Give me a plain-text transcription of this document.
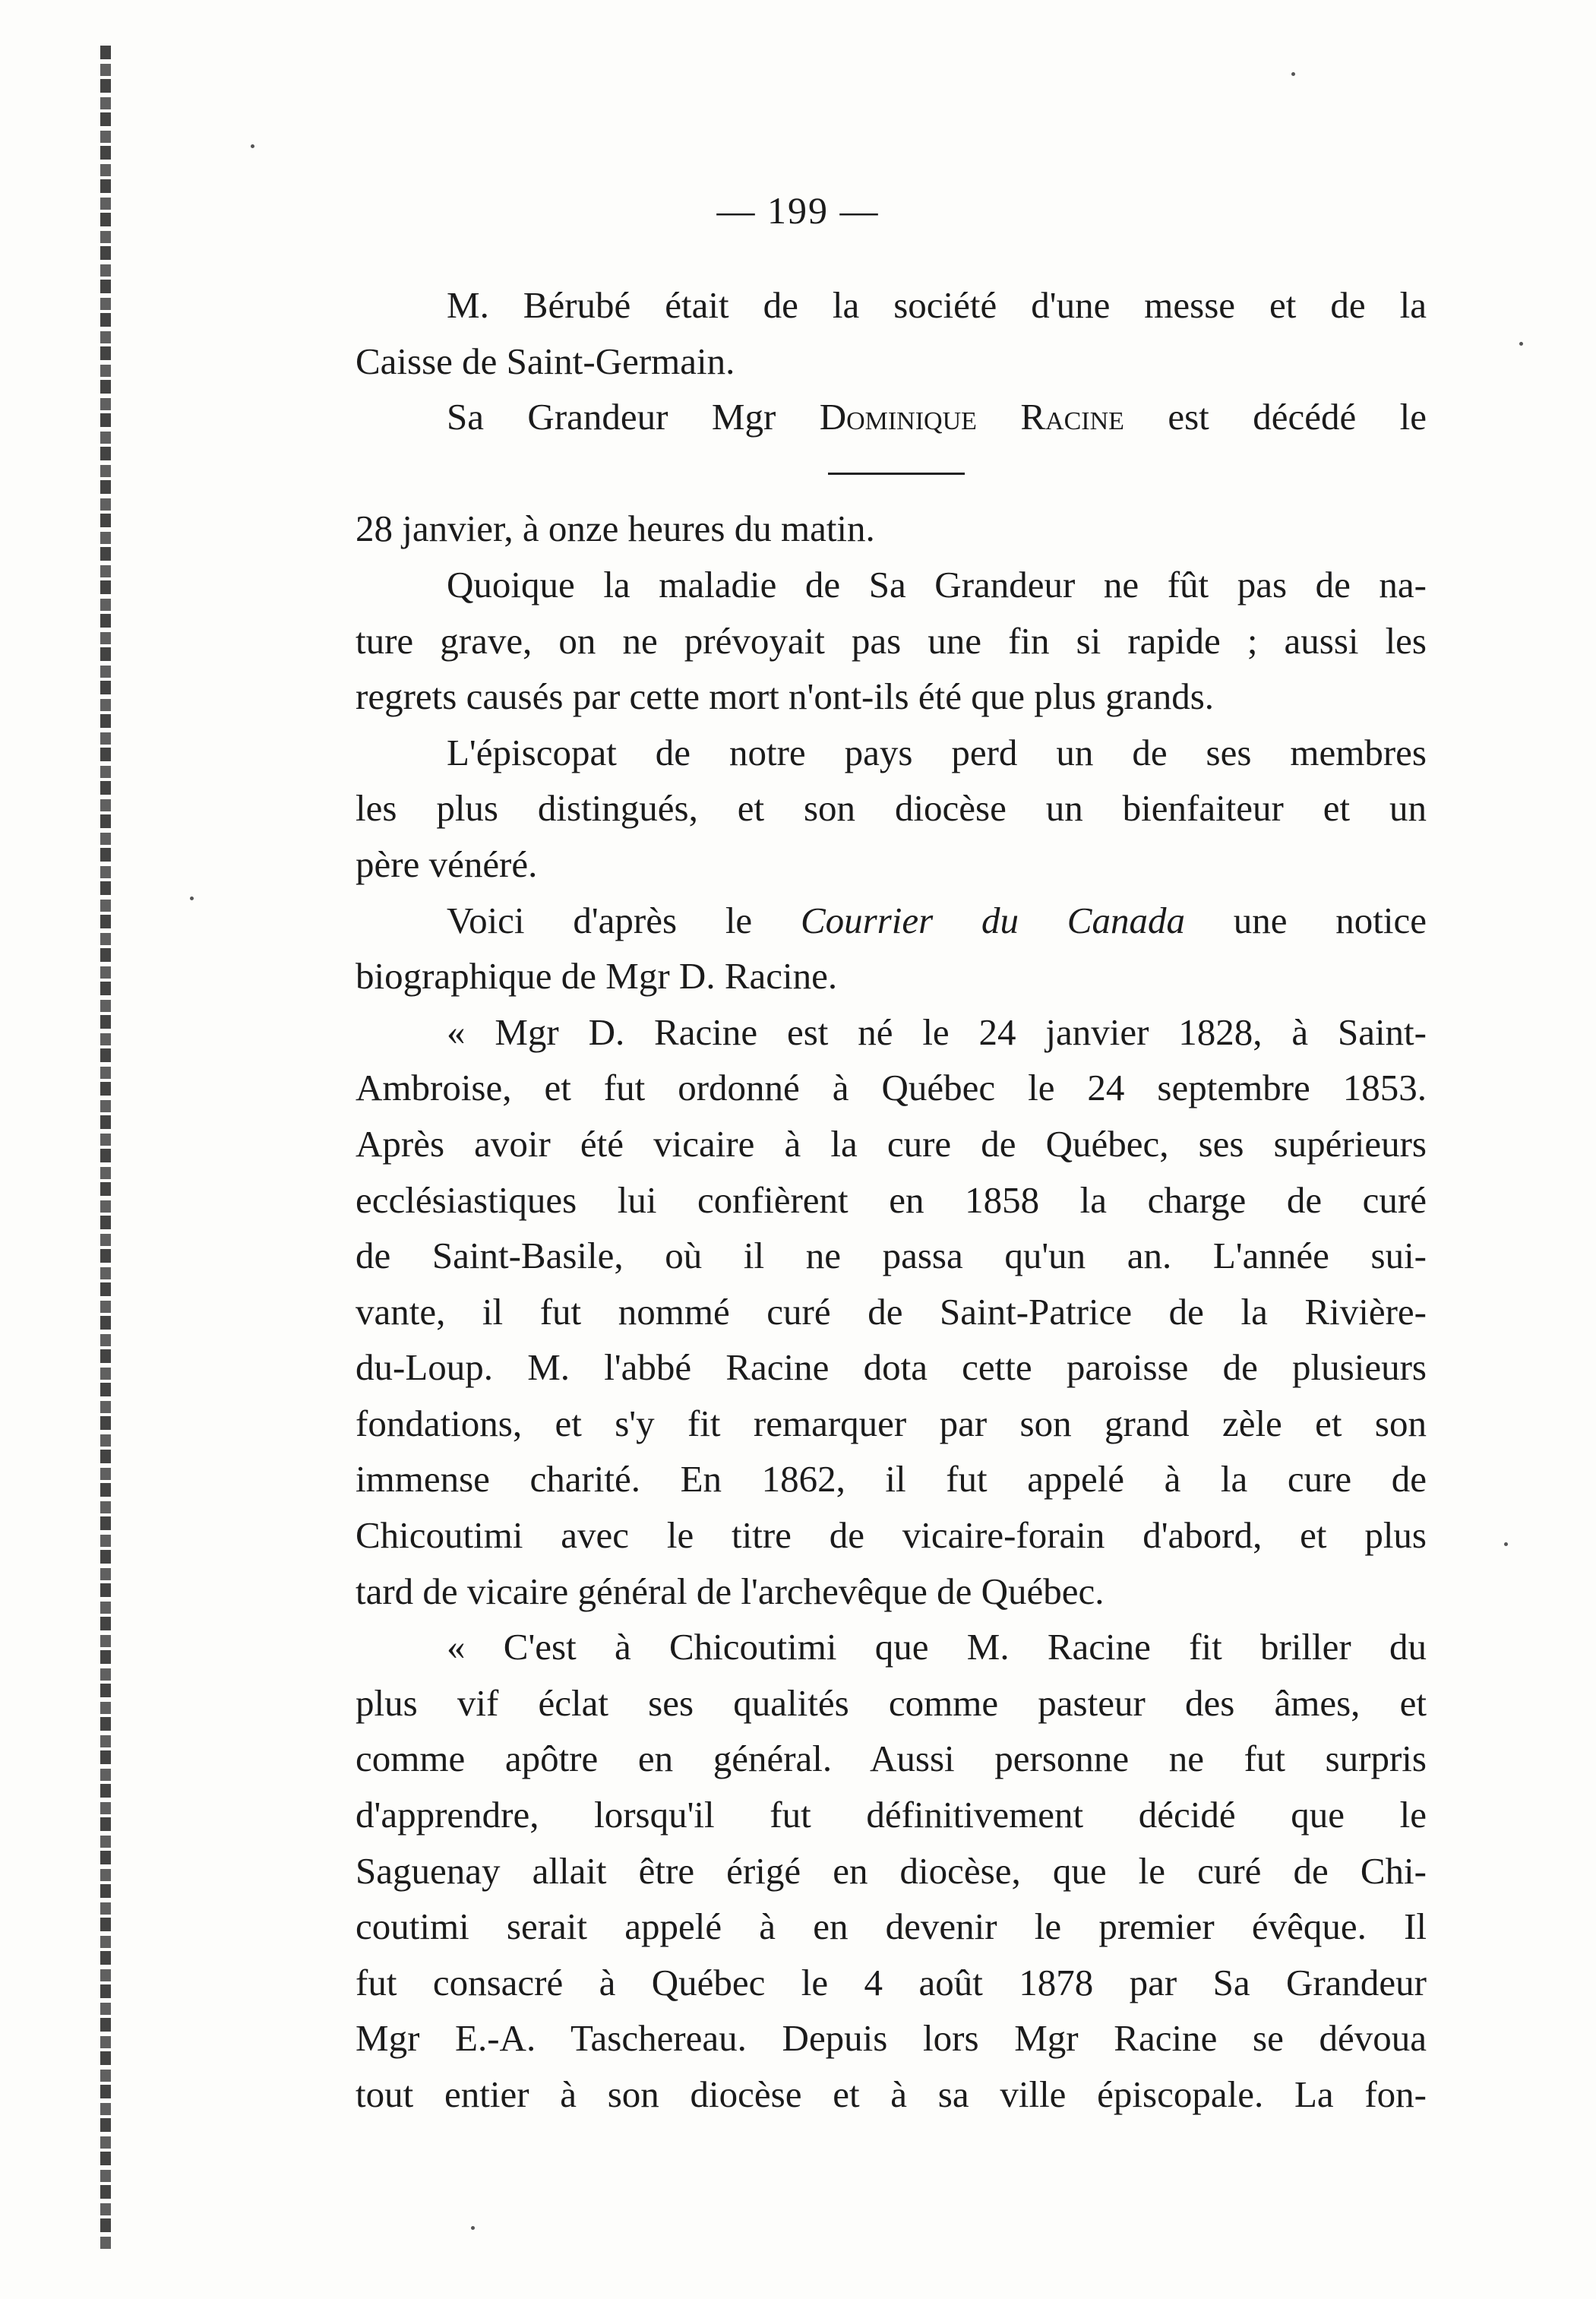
— 199 —
M. Bérubé était de la société d'une messe et de la
Caisse de Saint-Germain.
Sa Grandeur Mgr Dominique Racine est décédé le
28 janvier, à onze heures du matin.
Quoique la maladie de Sa Grandeur ne fût pas de na-
ture grave, on ne prévoyait pas une fin si rapide ; aussi les
regrets causés par cette mort n'ont-ils été que plus grands.
L'épiscopat de notre pays perd un de ses membres
les plus distingués, et son diocèse un bienfaiteur et un
père vénéré.
Voici d'après le Courrier du Canada une notice
biographique de Mgr D. Racine.
« Mgr D. Racine est né le 24 janvier 1828, à Saint-
Ambroise, et fut ordonné à Québec le 24 septembre 1853.
Après avoir été vicaire à la cure de Québec, ses supérieurs
ecclésiastiques lui confièrent en 1858 la charge de curé
de Saint-Basile, où il ne passa qu'un an. L'année sui-
vante, il fut nommé curé de Saint-Patrice de la Rivière-
du-Loup. M. l'abbé Racine dota cette paroisse de plusieurs
fondations, et s'y fit remarquer par son grand zèle et son
immense charité. En 1862, il fut appelé à la cure de
Chicoutimi avec le titre de vicaire-forain d'abord, et plus
tard de vicaire général de l'archevêque de Québec.
« C'est à Chicoutimi que M. Racine fit briller du
plus vif éclat ses qualités comme pasteur des âmes, et
comme apôtre en général. Aussi personne ne fut surpris
d'apprendre, lorsqu'il fut définitivement décidé que le
Saguenay allait être érigé en diocèse, que le curé de Chi-
coutimi serait appelé à en devenir le premier évêque. Il
fut consacré à Québec le 4 août 1878 par Sa Grandeur
Mgr E.-A. Taschereau. Depuis lors Mgr Racine se dévoua
tout entier à son diocèse et à sa ville épiscopale. La fon-
